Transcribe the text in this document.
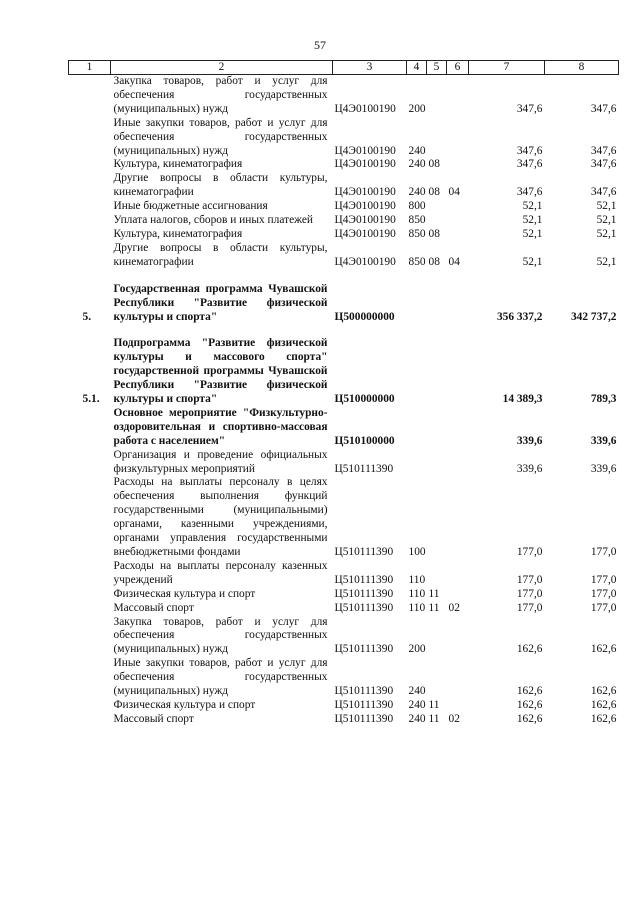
57
1	2	3	4	5	6	7	8
	Закупка товаров, работ и услуг для обеспечения государственных (муниципальных) нужд	Ц4Э0100190	200			347,6	347,6
	Иные закупки товаров, работ и услуг для обеспечения государственных (муниципальных) нужд	Ц4Э0100190	240			347,6	347,6
	Культура, кинематография	Ц4Э0100190	240	08		347,6	347,6
	Другие вопросы в области культуры, кинематографии	Ц4Э0100190	240	08	04	347,6	347,6
	Иные бюджетные ассигнования	Ц4Э0100190	800			52,1	52,1
	Уплата налогов, сборов и иных платежей	Ц4Э0100190	850			52,1	52,1
	Культура, кинематография	Ц4Э0100190	850	08		52,1	52,1
	Другие вопросы в области культуры, кинематографии	Ц4Э0100190	850	08	04	52,1	52,1
5.	Государственная программа Чувашской Республики "Развитие физической культуры и спорта"	Ц500000000				356 337,2	342 737,2
5.1.	Подпрограмма "Развитие физической культуры и массового спорта" государственной программы Чувашской Республики "Развитие физической культуры и спорта"	Ц510000000				14 389,3	789,3
	Основное мероприятие "Физкультурно-оздоровительная и спортивно-массовая работа с населением"	Ц510100000				339,6	339,6
	Организация и проведение официальных физкультурных мероприятий	Ц510111390				339,6	339,6
	Расходы на выплаты персоналу в целях обеспечения выполнения функций государственными (муниципальными) органами, казенными учреждениями, органами управления государственными внебюджетными фондами	Ц510111390	100			177,0	177,0
	Расходы на выплаты персоналу казенных учреждений	Ц510111390	110			177,0	177,0
	Физическая культура и спорт	Ц510111390	110	11		177,0	177,0
	Массовый спорт	Ц510111390	110	11	02	177,0	177,0
	Закупка товаров, работ и услуг для обеспечения государственных (муниципальных) нужд	Ц510111390	200			162,6	162,6
	Иные закупки товаров, работ и услуг для обеспечения государственных (муниципальных) нужд	Ц510111390	240			162,6	162,6
	Физическая культура и спорт	Ц510111390	240	11		162,6	162,6
	Массовый спорт	Ц510111390	240	11	02	162,6	162,6
